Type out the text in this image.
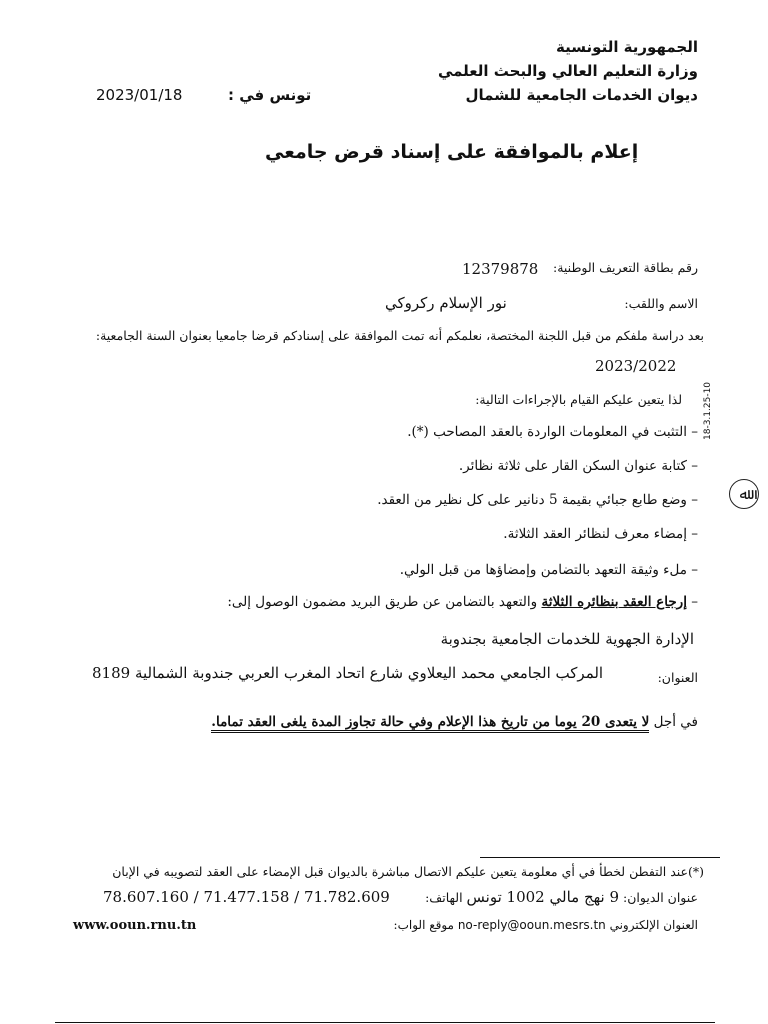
الجمهورية التونسية
وزارة التعليم العالي والبحث العلمي
ديوان الخدمات الجامعية للشمال
تونس في :
2023/01/18
إعلام بالموافقة على إسناد قرض جامعي
رقم بطاقة التعريف الوطنية:
12379878
الاسم واللقب:
نور الإسلام ركروكي
بعد دراسة ملفكم من قبل اللجنة المختصة، نعلمكم أنه تمت الموافقة على إسنادكم قرضا جامعيا بعنوان السنة الجامعية:
2023/2022
لذا يتعين عليكم القيام بالإجراءات التالية:
– التثبت في المعلومات الواردة بالعقد المصاحب (*).
– كتابة عنوان السكن القار على ثلاثة نظائر.
– وضع طابع جبائي بقيمة 5 دنانير على كل نظير من العقد.
– إمضاء معرف لنظائر العقد الثلاثة.
– ملء وثيقة التعهد بالتضامن وإمضاؤها من قبل الولي.
– إرجاع العقد بنظائره الثلاثة والتعهد بالتضامن عن طريق البريد مضمون الوصول إلى:
الإدارة الجهوية للخدمات الجامعية بجندوبة
العنوان:
المركب الجامعي محمد اليعلاوي شارع اتحاد المغرب العربي جندوبة الشمالية 8189
في أجل لا يتعدى 20 يوما من تاريخ هذا الإعلام وفي حالة تجاوز المدة يلغى العقد تماما.
18-3.1.25-10
ﷲ
(*)عند التفطن لخطأ في أي معلومة يتعين عليكم الاتصال مباشرة بالديوان قبل الإمضاء على العقد لتصويبه في الإبان
عنوان الديوان: 9 نهج مالي 1002 تونس الهاتف:
78.607.160 / 71.477.158 / 71.782.609
العنوان الإلكتروني no-reply@ooun.mesrs.tn موقع الواب:
www.ooun.rnu.tn
